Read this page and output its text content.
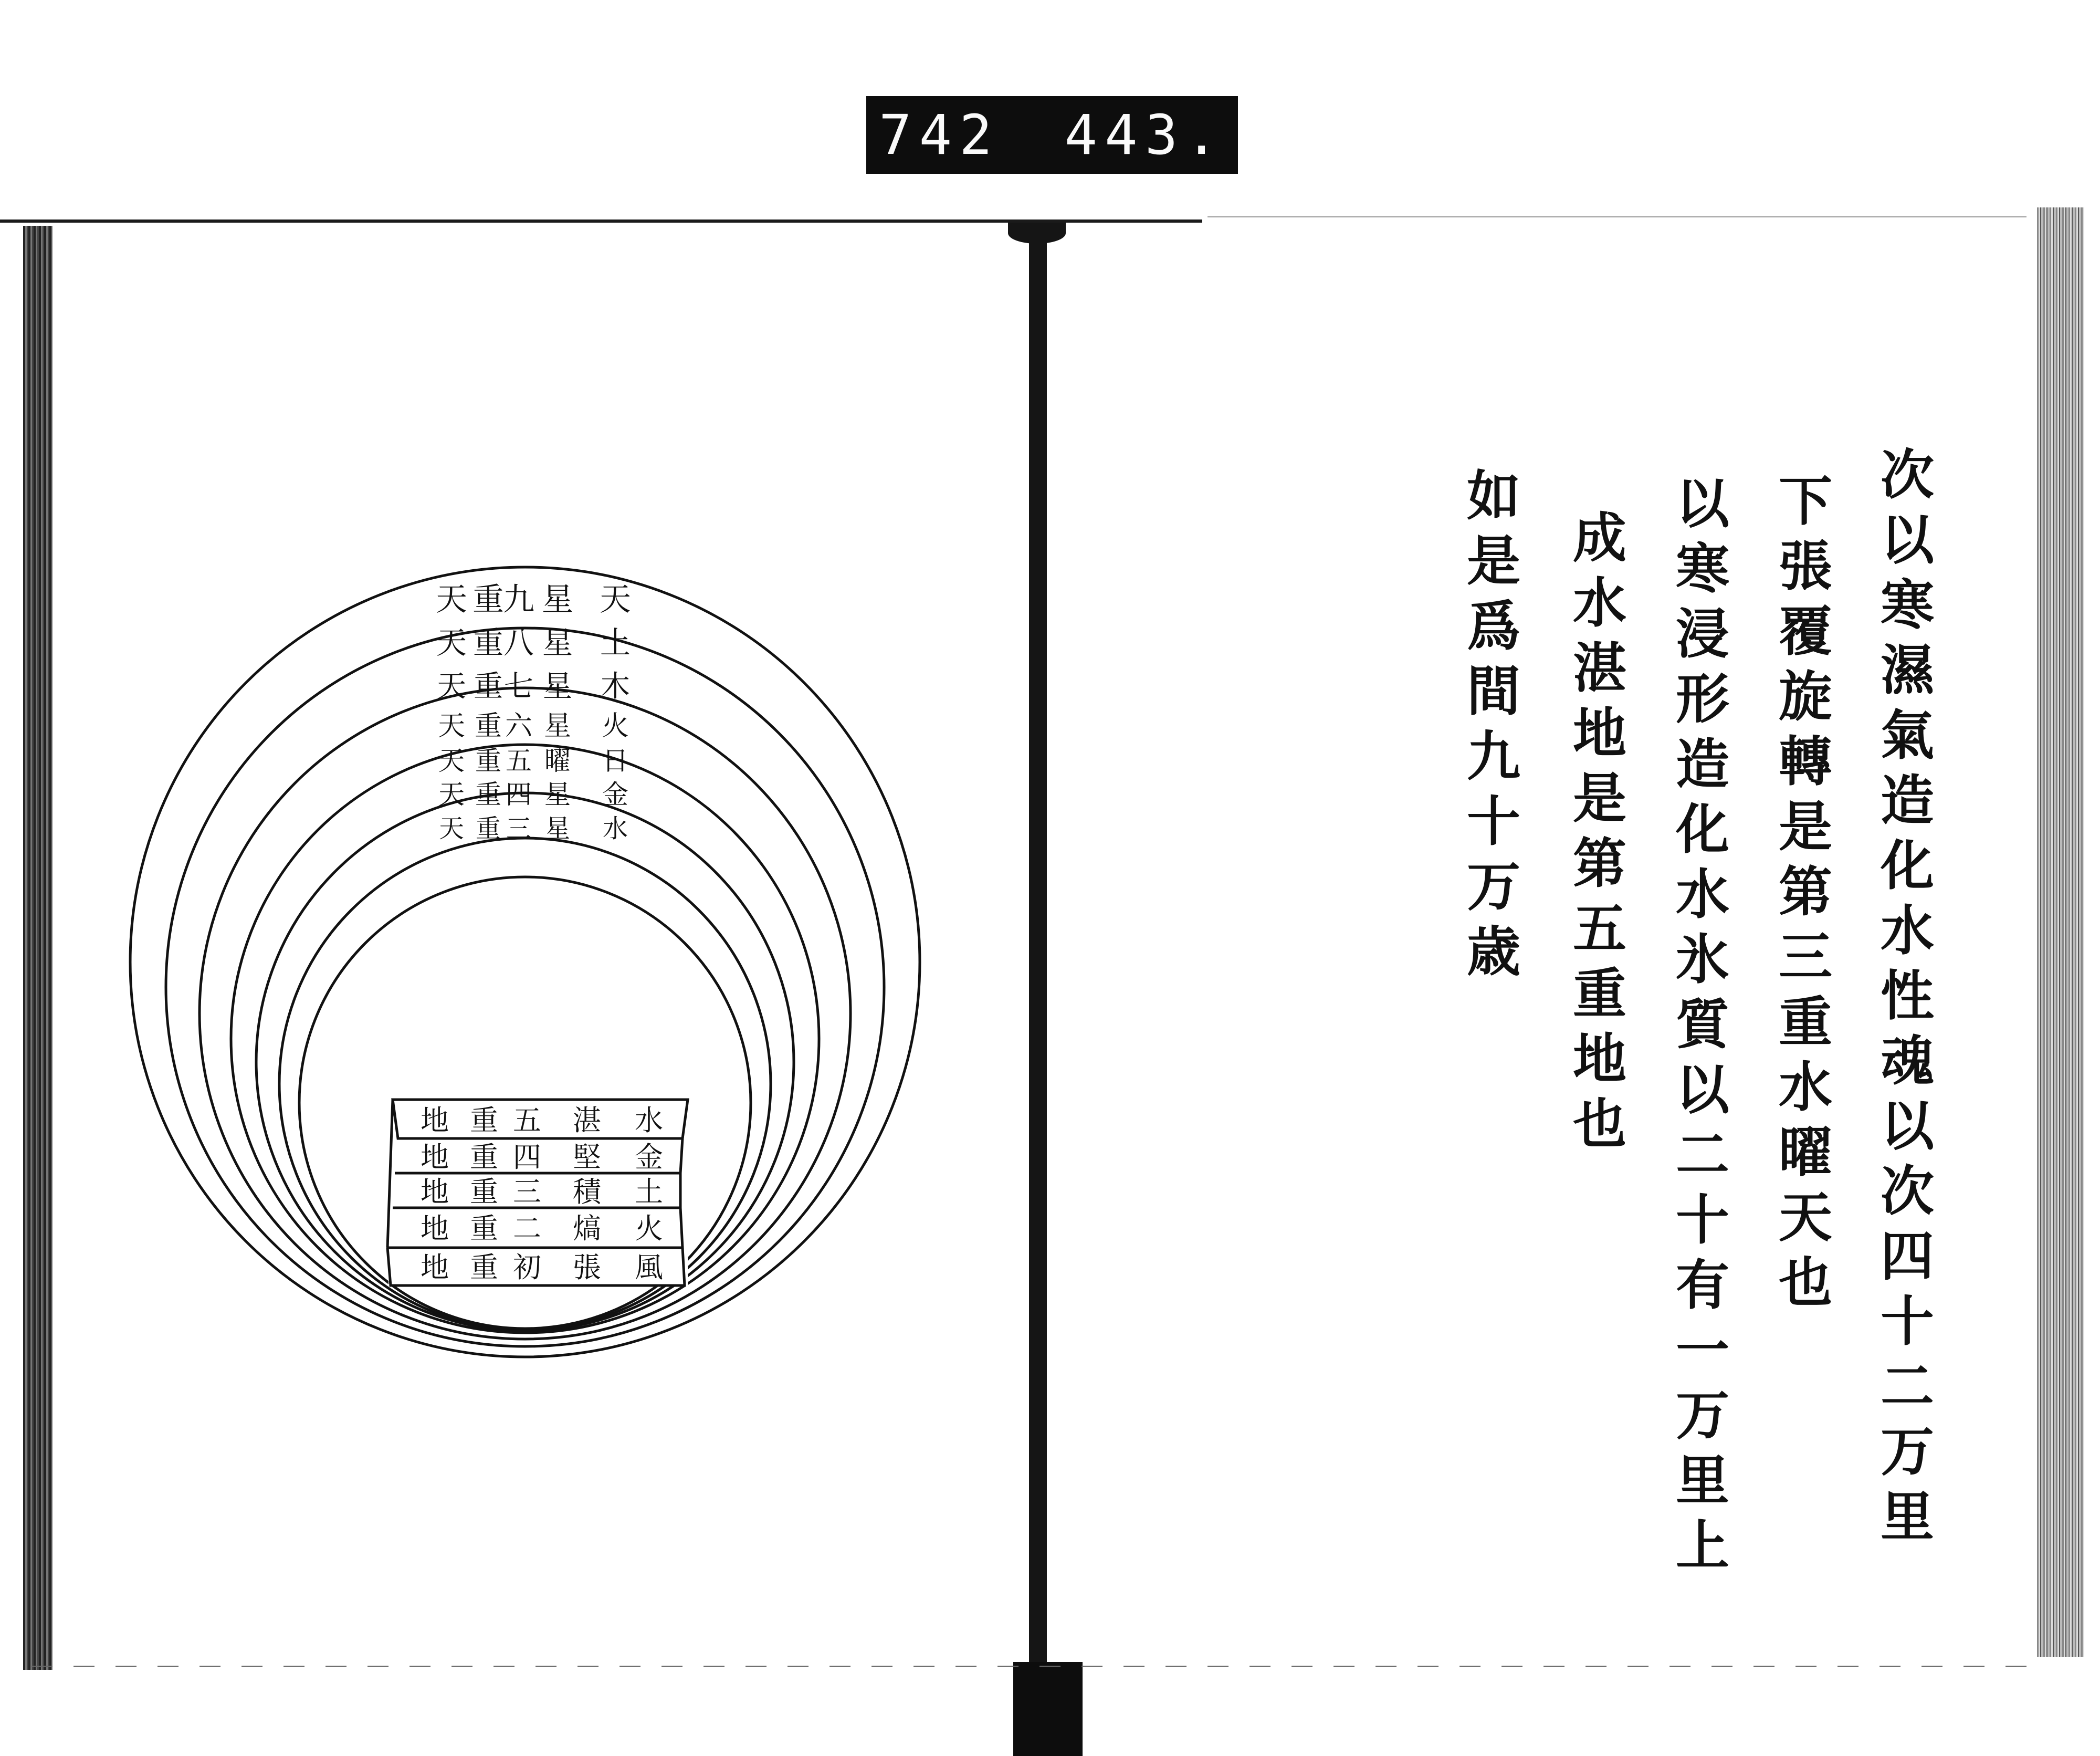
742 443.
天 重
九 星 天
天 重 八 星 土
天 重 七 星 木
天 重 六 星 火
天 重 五 曜 日
天 重 四 星 金
天 重 三 星 水
地 重 五 湛 水
地 重 四 堅 金
地 重 三 積 土
地 重 二 熇 火
地 重 初 張 風	次以寒濕氣造化水性魂以次四十二万里
下張覆旋轉是第三重水曜天也
以寒浸形造化水氷質以二十有一万里上
成水湛地是第五重地也
如是爲間九十万歳
